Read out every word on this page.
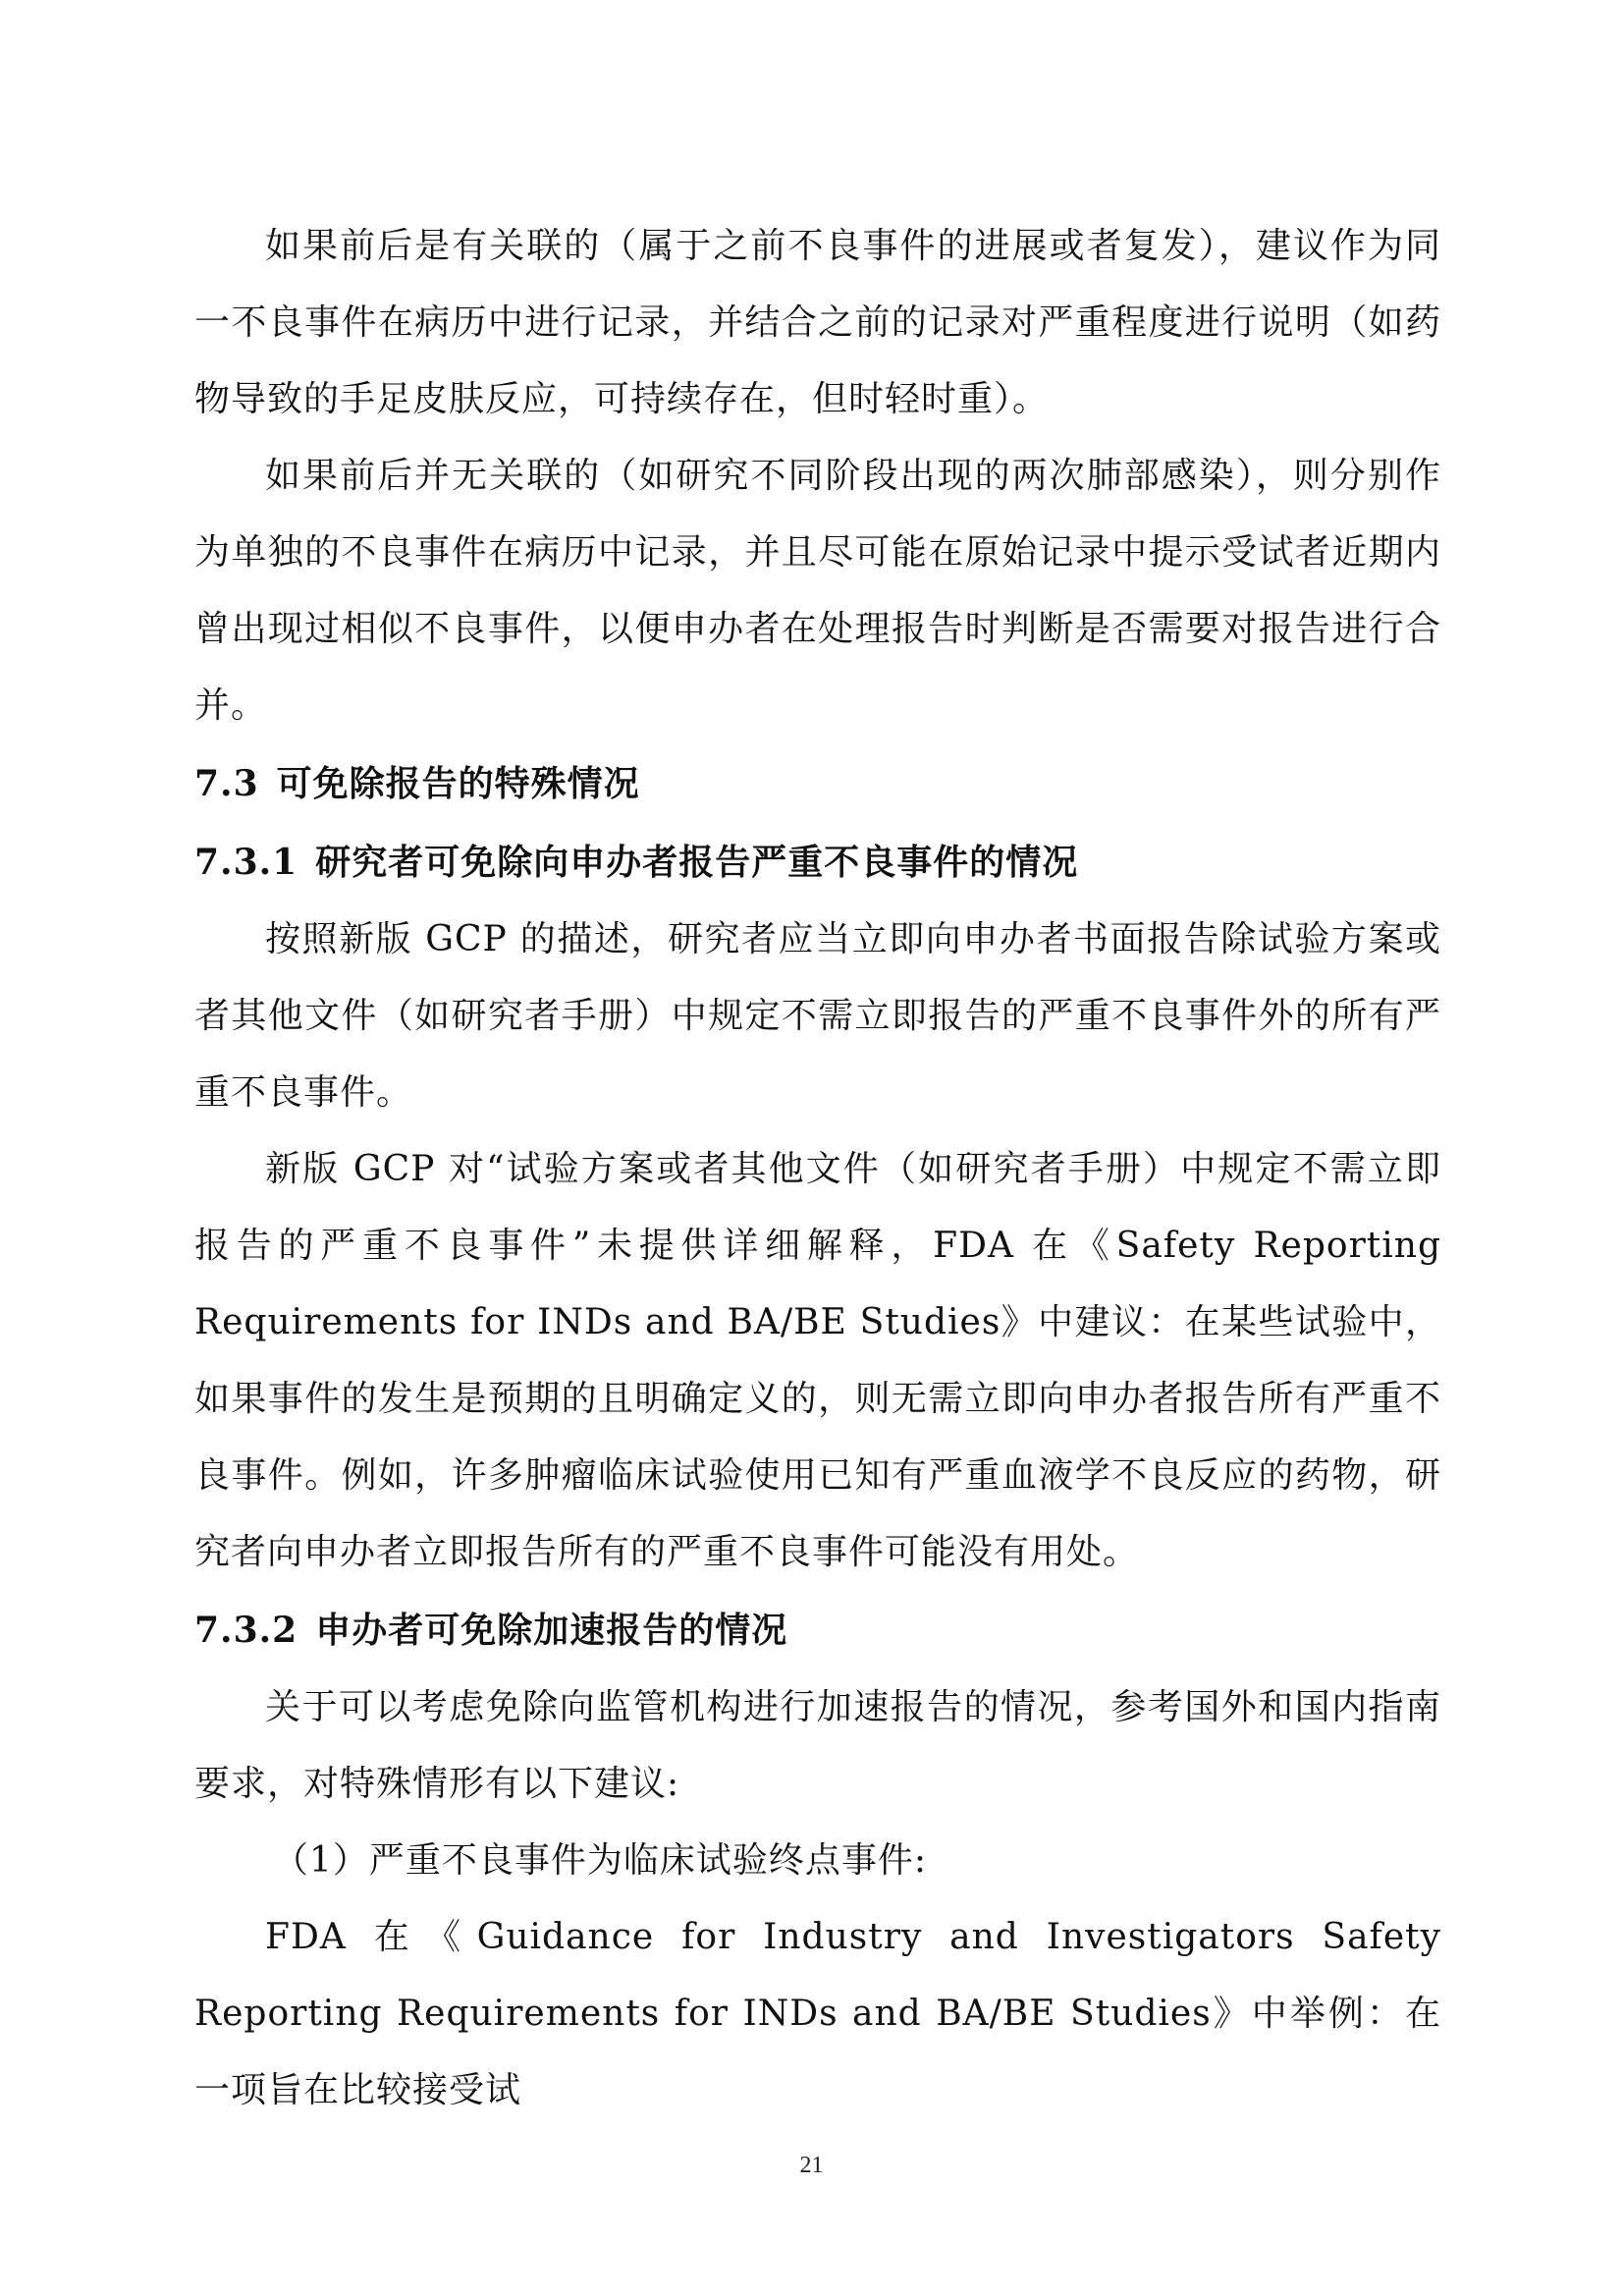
如果前后是有关联的（属于之前不良事件的进展或者复发），建议作为同一不良事件在病历中进行记录，并结合之前的记录对严重程度进行说明（如药物导致的手足皮肤反应，可持续存在，但时轻时重）。

如果前后并无关联的（如研究不同阶段出现的两次肺部感染），则分别作为单独的不良事件在病历中记录，并且尽可能在原始记录中提示受试者近期内曾出现过相似不良事件，以便申办者在处理报告时判断是否需要对报告进行合并。

7.3 可免除报告的特殊情况
7.3.1 研究者可免除向申办者报告严重不良事件的情况

按照新版 GCP 的描述，研究者应当立即向申办者书面报告除试验方案或者其他文件（如研究者手册）中规定不需立即报告的严重不良事件外的所有严重不良事件。

新版 GCP 对“试验方案或者其他文件（如研究者手册）中规定不需立即报告的严重不良事件”未提供详细解释，FDA 在《Safety Reporting Requirements for INDs and BA/BE Studies》中建议：在某些试验中，如果事件的发生是预期的且明确定义的，则无需立即向申办者报告所有严重不良事件。例如，许多肿瘤临床试验使用已知有严重血液学不良反应的药物，研究者向申办者立即报告所有的严重不良事件可能没有用处。

7.3.2 申办者可免除加速报告的情况

关于可以考虑免除向监管机构进行加速报告的情况，参考国外和国内指南要求，对特殊情形有以下建议:

（1）严重不良事件为临床试验终点事件:

FDA 在《Guidance for Industry and Investigators Safety Reporting Requirements for INDs and BA/BE Studies》中举例：在一项旨在比较接受试

21
